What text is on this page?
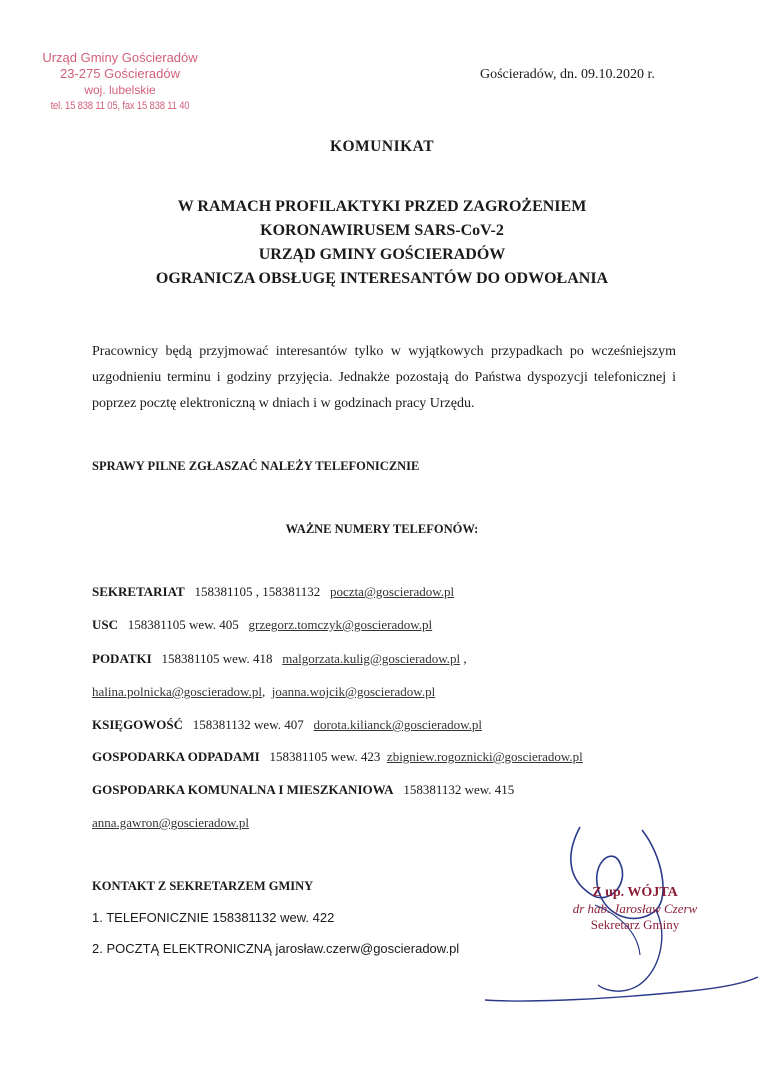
Urząd Gminy Gościeradów
23-275 Gościeradów
woj. lubelskie
tel. 15 838 11 05, fax 15 838 11 40
Gościeradów, dn. 09.10.2020 r.
KOMUNIKAT
W RAMACH PROFILAKTYKI PRZED ZAGROŻENIEM
KORONAWIRUSEM SARS-CoV-2
URZĄD GMINY GOŚCIERADÓW
OGRANICZA OBSŁUGĘ INTERESANTÓW DO ODWOŁANIA
Pracownicy będą przyjmować interesantów tylko w wyjątkowych przypadkach po wcześniejszym uzgodnieniu terminu i godziny przyjęcia. Jednakże pozostają do Państwa dyspozycji telefonicznej i poprzez pocztę elektroniczną w dniach i w godzinach pracy Urzędu.
SPRAWY PILNE ZGŁASZAĆ NALEŻY TELEFONICZNIE
WAŻNE NUMERY TELEFONÓW:
SEKRETARIAT 158381105 , 158381132 poczta@goscieradow.pl
USC 158381105 wew. 405 grzegorz.tomczyk@goscieradow.pl
PODATKI 158381105 wew. 418 malgorzata.kulig@goscieradow.pl ,
halina.polnicka@goscieradow.pl, joanna.wojcik@goscieradow.pl
KSIĘGOWOŚĆ 158381132 wew. 407 dorota.kilianck@goscieradow.pl
GOSPODARKA ODPADAMI 158381105 wew. 423 zbigniew.rogoznicki@goscieradow.pl
GOSPODARKA KOMUNALNA I MIESZKANIOWA 158381132 wew. 415
anna.gawron@goscieradow.pl
KONTAKT Z SEKRETARZEM GMINY
1. TELEFONICZNIE 158381132 wew. 422
2. POCZTĄ ELEKTRONICZNĄ jarosław.czerw@goscieradow.pl
Z up. WÓJTA
dr hab. Jarosław Czerw
Sekretarz Gminy
